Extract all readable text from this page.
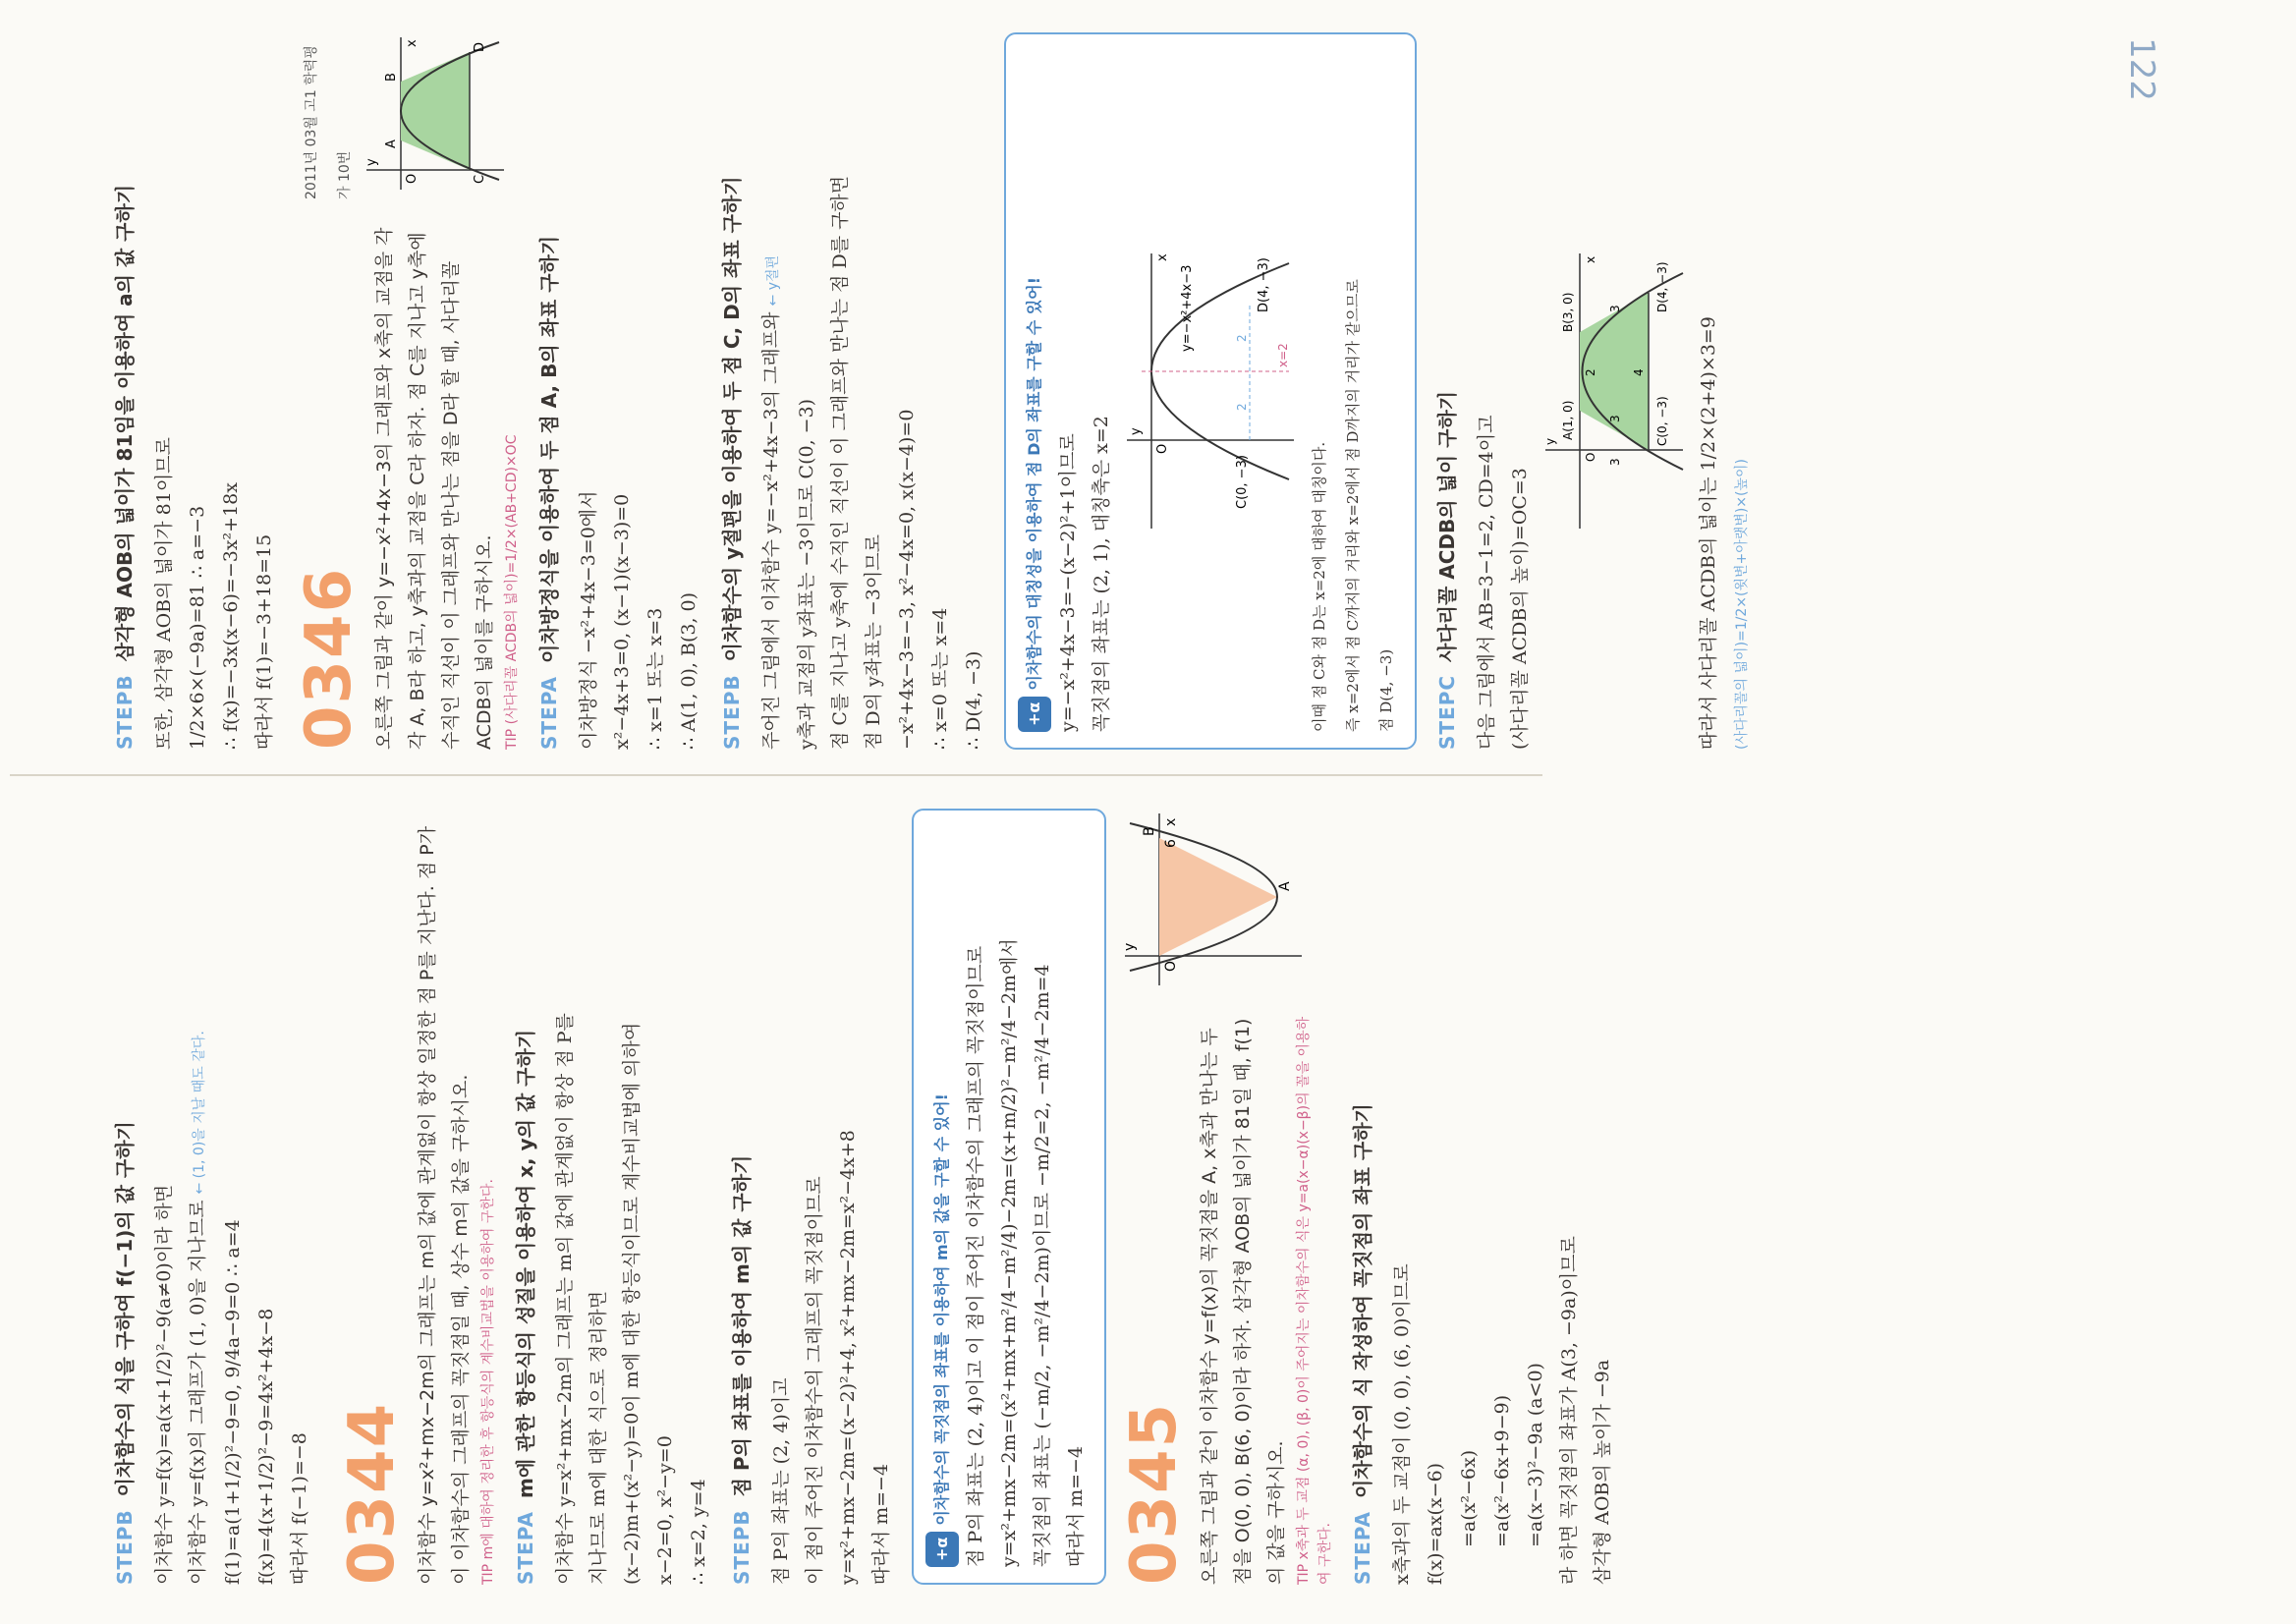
122
STEPB 이차함수의 식을 구하여 f(−1)의 값 구하기 이차함수 y=f(x)=a(x+1/2)²−9(a≠0)이라 하면 이차함수 y=f(x)의 그래프가 (1, 0)을 지나므로 ← (1, 0)을 지날 때도 같다.
f(1)=a(1+1/2)²−9=0, 9/4a−9=0 ∴ a=4 f(x)=4(x+1/2)²−9=4x²+4x−8 따라서 f(−1)=−8 0344 이차함수 y=x²+mx−2m의 그래프는 m의 값에 관계없이 항상 일정한 점 P를 지난다. 점 P가 이 이차함수의 그래프의 꼭짓점일 때, 상수 m의 값을 구하시오. TIP m에 대하여 정리한 후 항등식의 계수비교법을 이용하여 구한다. STEPA m에 관한 항등식의 성질을 이용하여 x, y의 값 구하기 이차함수 y=x²+mx−2m의 그래프는 m의 값에 관계없이 항상 점 P를 지나므로 m에 대한 식으로 정리하면 (x−2)m+(x²−y)=0이 m에 대한 항등식이므로 계수비교법에 의하여 x−2=0, x²−y=0 ∴ x=2, y=4	STEPB 점 P의 좌표를 이용하여 m의 값 구하기 점 P의 좌표는 (2, 4)이고 이 점이 주어진 이차함수의 그래프의 꼭짓점이므로 y=x²+mx−2m=(x−2)²+4, x²+mx−2m=x²−4x+8 따라서 m=−4	+α이차함수의 꼭짓점의 좌표를 이용하여 m의 값을 구할 수 있어! 점 P의 좌표는 (2, 4)이고 이 점이 주어진 이차함수의 그래프의 꼭짓점이므로 y=x²+mx−2m=(x²+mx+m²/4−m²/4)−2m=(x+m/2)²−m²/4−2m에서 꼭짓점의 좌표는 (−m/2, −m²/4−2m)이므로 −m/2=2, −m²/4−2m=4 따라서 m=−4 0345 오른쪽 그림과 같이 이차함수 y=f(x)의 꼭짓점을 A, x축과 만나는 두 점을 O(0, 0), B(6, 0)이라 하자. 삼각형 AOB의 넓이가 81일 때, f(1)의 값을 구하시오. TIP x축과 두 교점 (α, 0), (β, 0)이 주어지는 이차함수의 식은 y=a(x−α)(x−β)의 꼴을 이용하여 구한다.
y
x
O
A
B
6
STEPA 이차함수의 식 작성하여 꼭짓점의 좌표 구하기 x축과의 두 교점이 (0, 0), (6, 0)이므로 f(x)=ax(x−6) =a(x²−6x) =a(x²−6x+9−9) =a(x−3)²−9a (a<0) 라 하면 꼭짓점의 좌표가 A(3, −9a)이므로 삼각형 AOB의 높이가 −9a
STEPB 삼각형 AOB의 넓이가 81임을 이용하여 a의 값 구하기 또한, 삼각형 AOB의 넓이가 81이므로 1/2×6×(−9a)=81 ∴ a=−3 ∴ f(x)=−3x(x−6)=−3x²+18x 따라서 f(1)=−3+18=15 0346 오른쪽 그림과 같이 y=−x²+4x−3의 그래프와 x축의 교점을 각각 A, B라 하고, y축과의 교점을 C라 하자. 점 C를 지나고 y축에 수직인 직선이 이 그래프와 만나는 점을 D라 할 때, 사다리꼴 ACDB의 넓이를 구하시오. TIP (사다리꼴 ACDB의 넓이)=1/2×(AB+CD)×OC
2011년 03월 고1 학력평가 10번 y
x
O
A
B
C
D
STEPA 이차방정식을 이용하여 두 점 A, B의 좌표 구하기 이차방정식 −x²+4x−3=0에서 x²−4x+3=0, (x−1)(x−3)=0 ∴ x=1 또는 x=3 ∴ A(1, 0), B(3, 0)	STEPB 이차함수의 y절편을 이용하여 두 점 C, D의 좌표 구하기 주어진 그림에서 이차함수 y=−x²+4x−3의 그래프와 ← y절편
y축과 교점의 y좌표는 −3이므로 C(0, −3) 점 C를 지나고 y축에 수직인 직선이 이 그래프와 만나는 점 D를 구하면 점 D의 y좌표는 −3이므로 −x²+4x−3=−3, x²−4x=0, x(x−4)=0 ∴ x=0 또는 x=4 ∴ D(4, −3)	+α이차함수의 대칭성을 이용하여 점 D의 좌표를 구할 수 있어! y=−x²+4x−3=−(x−2)²+1이므로 꼭짓점의 좌표는 (2, 1), 대칭축은 x=2	y
x
O
C(0, −3)
D(4, −3)
y=−x²+4x−3
2
2
x=2
이때 점 C와 점 D는 x=2에 대하여 대칭이다.	즉 x=2에서 점 C까지의 거리와 x=2에서 점 D까지의 거리가 같으므로	점 D(4, −3)	STEPC 사다리꼴 ACDB의 넓이 구하기 다음 그림에서 AB=3−1=2, CD=4이고 (사다리꼴 ACDB의 높이)=OC=3
y
x
A(1, 0)
B(3, 0)
C(0, −3)
D(4, −3)
O
2
3
3
4
3	따라서 사다리꼴 ACDB의 넓이는 1/2×(2+4)×3=9	(사다리꼴의 넓이)=1/2×(윗변+아랫변)×(높이)
